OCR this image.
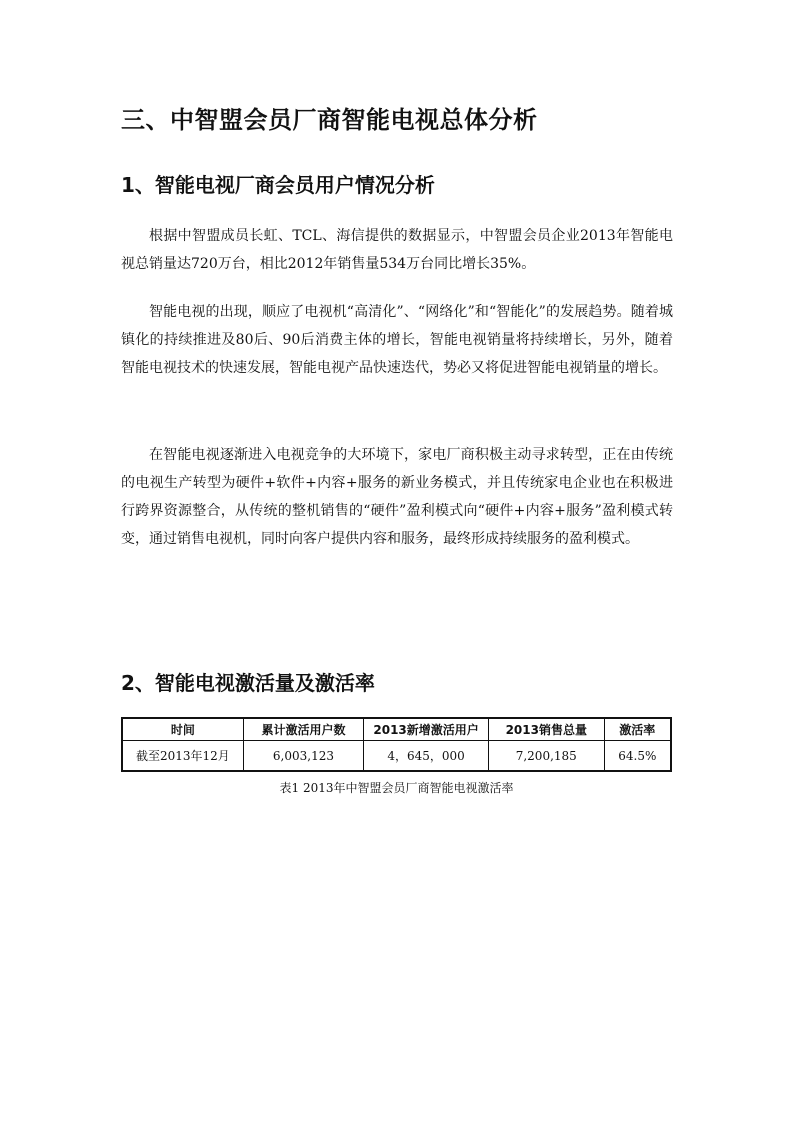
三、中智盟会员厂商智能电视总体分析
1、智能电视厂商会员用户情况分析

根据中智盟成员长虹、TCL、海信提供的数据显示，中智盟会员企业2013年智能电视总销量达720万台，相比2012年销售量534万台同比增长35%。

智能电视的出现，顺应了电视机“高清化”、“网络化”和“智能化”的发展趋势。随着城镇化的持续推进及80后、90后消费主体的增长，智能电视销量将持续增长，另外，随着智能电视技术的快速发展，智能电视产品快速迭代，势必又将促进智能电视销量的增长。

在智能电视逐渐进入电视竞争的大环境下，家电厂商积极主动寻求转型，正在由传统的电视生产转型为硬件+软件+内容+服务的新业务模式，并且传统家电企业也在积极进行跨界资源整合，从传统的整机销售的“硬件”盈利模式向“硬件+内容+服务”盈利模式转变，通过销售电视机，同时向客户提供内容和服务，最终形成持续服务的盈利模式。

2、智能电视激活量及激活率
时间	累计激活用户数	2013新增激活用户	2013销售总量	激活率
截至2013年12月	6,003,123	4，645，000	7,200,185	64.5%

表1 2013年中智盟会员厂商智能电视激活率
